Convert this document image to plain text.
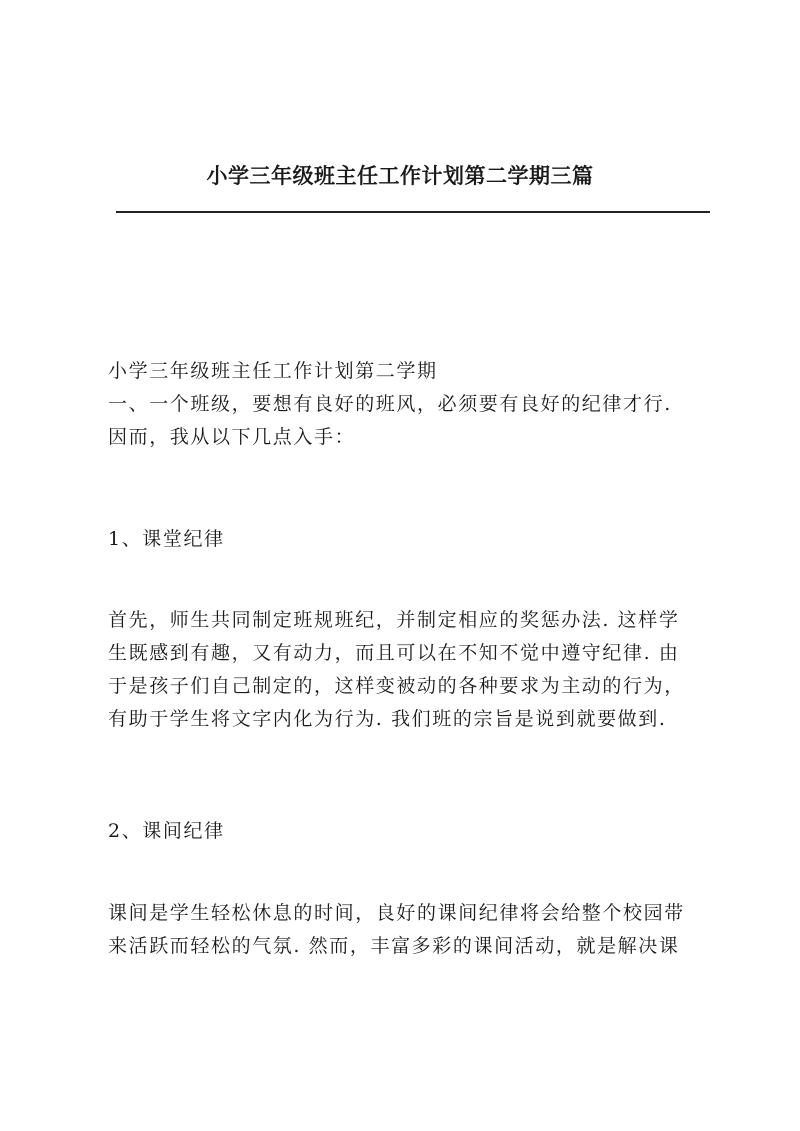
小学三年级班主任工作计划第二学期三篇
小学三年级班主任工作计划第二学期
一、一个班级，要想有良好的班风，必须要有良好的纪律才行.
因而，我从以下几点入手：
1、课堂纪律
首先，师生共同制定班规班纪，并制定相应的奖惩办法. 这样学
生既感到有趣，又有动力，而且可以在不知不觉中遵守纪律. 由
于是孩子们自己制定的，这样变被动的各种要求为主动的行为，
有助于学生将文字内化为行为. 我们班的宗旨是说到就要做到.
2、课间纪律
课间是学生轻松休息的时间，良好的课间纪律将会给整个校园带
来活跃而轻松的气氛. 然而，丰富多彩的课间活动，就是解决课
